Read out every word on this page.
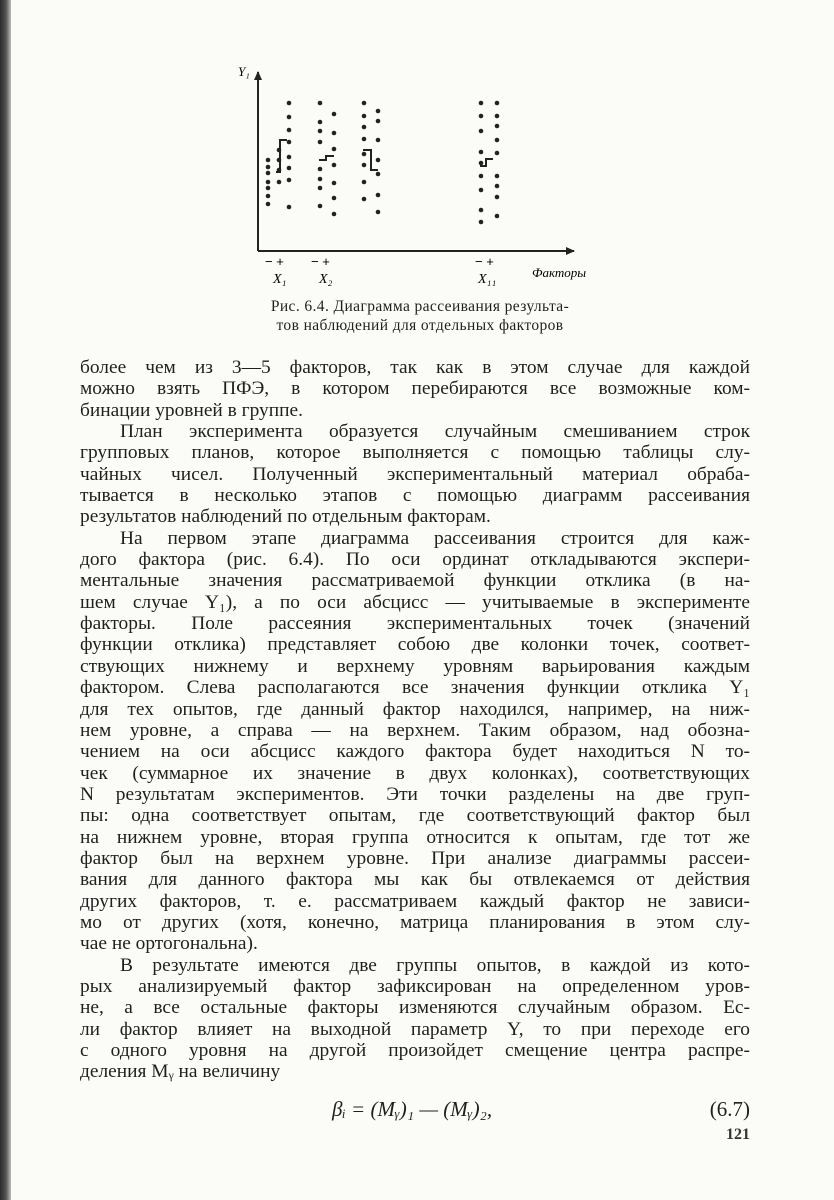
Y₁
Факторы
− + − +	− +
X₁ X₂	X₁₁
Рис. 6.4. Диаграмма рассеивания результа-
тов наблюдений для отдельных факторов
более чем из 3—5 факторов, так как в этом случае для каждой
можно взять ПФЭ, в котором перебираются все возможные ком-
бинации уровней в группе.
План эксперимента образуется случайным смешиванием строк
групповых планов, которое выполняется с помощью таблицы слу-
чайных чисел. Полученный экспериментальный материал обраба-
тывается в несколько этапов с помощью диаграмм рассеивания
результатов наблюдений по отдельным факторам.
На первом этапе диаграмма рассеивания строится для каж-
дого фактора (рис. 6.4). По оси ординат откладываются экспери-
ментальные значения рассматриваемой функции отклика (в на-
шем случае Y₁), а по оси абсцисс — учитываемые в эксперименте
факторы. Поле рассеяния экспериментальных точек (значений
функции отклика) представляет собою две колонки точек, соответ-
ствующих нижнему и верхнему уровням варьирования каждым
фактором. Слева располагаются все значения функции отклика Y₁
для тех опытов, где данный фактор находился, например, на ниж-
нем уровне, а справа — на верхнем. Таким образом, над обозна-
чением на оси абсцисс каждого фактора будет находиться N то-
чек (суммарное их значение в двух колонках), соответствующих
N результатам экспериментов. Эти точки разделены на две груп-
пы: одна соответствует опытам, где соответствующий фактор был
на нижнем уровне, вторая группа относится к опытам, где тот же
фактор был на верхнем уровне. При анализе диаграммы рассеи-
вания для данного фактора мы как бы отвлекаемся от действия
других факторов, т. е. рассматриваем каждый фактор не зависи-
мо от других (хотя, конечно, матрица планирования в этом слу-
чае не ортогональна).
В результате имеются две группы опытов, в каждой из кото-
рых анализируемый фактор зафиксирован на определенном уров-
не, а все остальные факторы изменяются случайным образом. Ес-
ли фактор влияет на выходной параметр Y, то при переходе его
с одного уровня на другой произойдет смещение центра распре-
деления Mᵧ на величину
βᵢ = (Mᵧ)₁ — (Mᵧ)₂,	(6.7)
121
